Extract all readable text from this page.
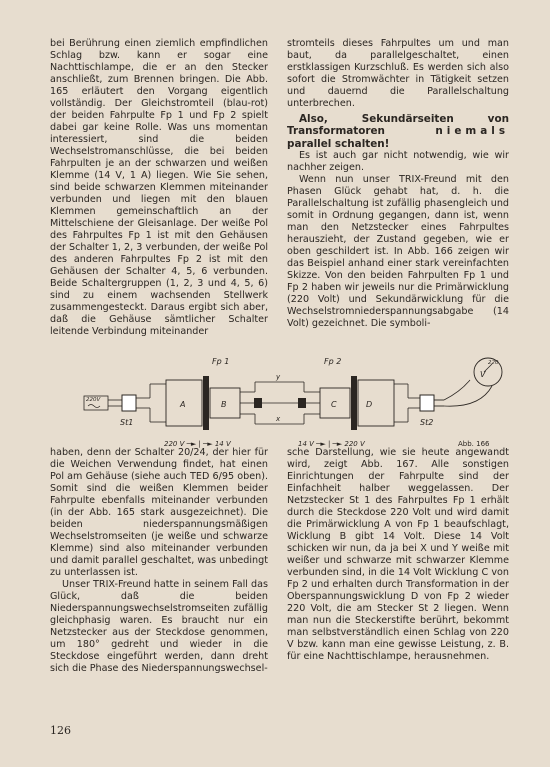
bei Berührung einen ziemlich empfindlichen Schlag bzw. kann er sogar eine Nachttischlampe, die er an den Stecker anschließt, zum Brennen bringen. Die Abb. 165 erläutert den Vorgang eigentlich vollständig. Der Gleichstromteil (blau-rot) der beiden Fahrpulte Fp 1 und Fp 2 spielt dabei gar keine Rolle. Was uns momentan interessiert, sind die beiden Wechselstromanschlüsse, die bei beiden Fahrpulten je an der schwarzen und weißen Klemme (14 V, 1 A) liegen. Wie Sie sehen, sind beide schwarzen Klemmen miteinander verbunden und liegen mit den blauen Klemmen gemeinschaftlich an der Mittelschiene der Gleisanlage. Der weiße Pol des Fahrpultes Fp 1 ist mit den Gehäusen der Schalter 1, 2, 3 verbunden, der weiße Pol des anderen Fahrpultes Fp 2 ist mit den Gehäusen der Schalter 4, 5, 6 verbunden. Beide Schaltergruppen (1, 2, 3 und 4, 5, 6) sind zu einem wachsenden Stellwerk zusammengesteckt. Daraus ergibt sich aber, daß die Gehäuse sämtlicher Schalter leitende Verbindung miteinander

stromteils dieses Fahrpultes um und man baut, da parallelgeschaltet, einen erstklassigen Kurzschluß. Es werden sich also sofort die Stromwächter in Tätigkeit setzen und dauernd die Parallelschaltung unterbrechen.

Also, Sekundärseiten von Transformatoren	niemals parallel schalten!

Es ist auch gar nicht notwendig, wie wir nachher zeigen.

Wenn nun unser TRIX-Freund mit den Phasen Glück gehabt hat, d. h. die Parallelschaltung ist zufällig phasengleich und somit in Ordnung gegangen, dann ist, wenn man den Netzstecker eines Fahrpultes herauszieht, der Zustand gegeben, wie er oben geschildert ist. In Abb. 166 zeigen wir das Beispiel anhand einer stark vereinfachten Skizze. Von den beiden Fahrpulten Fp 1 und Fp 2 haben wir jeweils nur die Primärwicklung (220 Volt) und Sekundärwicklung für die Wechselstromniederspannungsabgabe (14 Volt) gezeichnet. Die symboli-

Fp 1	Fp 2
220V
St1
A	B
y
x
C	D
St2
220
V
220 V ─► | ─► 14 V	14 V ─► | ─► 220 V	Abb. 166

haben, denn der Schalter 20/24, der hier für die Weichen Verwendung findet, hat einen Pol am Gehäuse (siehe auch TED 6/95 oben). Somit sind die weißen Klemmen beider Fahrpulte ebenfalls miteinander verbunden (in der Abb. 165 stark ausgezeichnet). Die beiden niederspannungsmäßigen Wechselstromseiten (je weiße und schwarze Klemme) sind also miteinander verbunden und damit parallel geschaltet, was unbedingt zu unterlassen ist.

Unser TRIX-Freund hatte in seinem Fall das Glück, daß die beiden Niederspannungswechselstromseiten zufällig gleichphasig waren. Es braucht nur ein Netzstecker aus der Steckdose genommen, um 180° gedreht und wieder in die Steckdose eingeführt werden, dann dreht sich die Phase des Niederspannungswechsel-

sche Darstellung, wie sie heute angewandt wird, zeigt Abb. 167. Alle sonstigen Einrichtungen der Fahrpulte sind der Einfachheit halber weggelassen. Der Netzstecker St 1 des Fahrpultes Fp 1 erhält durch die Steckdose 220 Volt und wird damit die Primärwicklung A von Fp 1 beaufschlagt, Wicklung B gibt 14 Volt. Diese 14 Volt schicken wir nun, da ja bei X und Y weiße mit weißer und schwarze mit schwarzer Klemme verbunden sind, in die 14 Volt Wicklung C von Fp 2 und erhalten durch Transformation in der Oberspannungswicklung D von Fp 2 wieder 220 Volt, die am Stecker St 2 liegen. Wenn man nun die Steckerstifte berührt, bekommt man selbstverständlich einen Schlag von 220 V bzw. kann man eine gewisse Leistung, z. B. für eine Nachttischlampe, herausnehmen.

126
